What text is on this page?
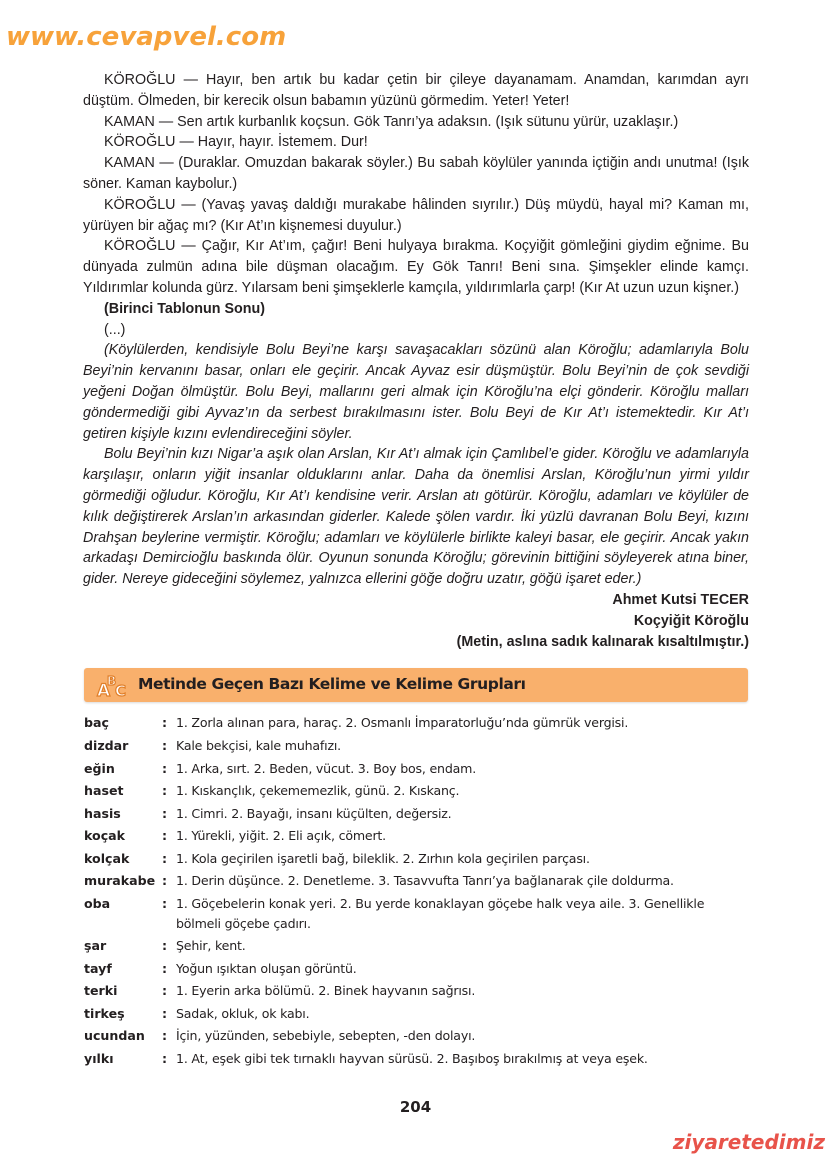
www.cevapvel.com

KÖROĞLU — Hayır, ben artık bu kadar çetin bir çileye dayanamam. Anamdan, karımdan ayrı düştüm. Ölmeden, bir kerecik olsun babamın yüzünü görmedim. Yeter! Yeter!

KAMAN — Sen artık kurbanlık koçsun. Gök Tanrı’ya adaksın. (Işık sütunu yürür, uzaklaşır.)

KÖROĞLU — Hayır, hayır. İstemem. Dur!

KAMAN — (Duraklar. Omuzdan bakarak söyler.) Bu sabah köylüler yanında içtiğin andı unutma! (Işık söner. Kaman kaybolur.)

KÖROĞLU — (Yavaş yavaş daldığı murakabe hâlinden sıyrılır.) Düş müydü, hayal mi? Kaman mı, yürüyen bir ağaç mı? (Kır At’ın kişnemesi duyulur.)

KÖROĞLU — Çağır, Kır At’ım, çağır! Beni hulyaya bırakma. Koçyiğit gömleğini giydim eğnime. Bu dünyada zulmün adına bile düşman olacağım. Ey Gök Tanrı! Beni sına. Şimşekler elinde kamçı. Yıldırımlar kolunda gürz. Yılarsam beni şimşeklerle kamçıla, yıldırımlarla çarp! (Kır At uzun uzun kişner.)

(Birinci Tablonun Sonu)

(...)

(Köylülerden, kendisiyle Bolu Beyi’ne karşı savaşacakları sözünü alan Köroğlu; adamlarıyla Bolu Beyi’nin kervanını basar, onları ele geçirir. Ancak Ayvaz esir düşmüştür. Bolu Beyi’nin de çok sevdiği yeğeni Doğan ölmüştür. Bolu Beyi, mallarını geri almak için Köroğlu’na elçi gönderir. Köroğlu malları göndermediği gibi Ayvaz’ın da serbest bırakılmasını ister. Bolu Beyi de Kır At’ı istemektedir. Kır At’ı getiren kişiyle kızını evlendireceğini söyler.

Bolu Beyi’nin kızı Nigar’a aşık olan Arslan, Kır At’ı almak için Çamlıbel’e gider. Köroğlu ve adamlarıyla karşılaşır, onların yiğit insanlar olduklarını anlar. Daha da önemlisi Arslan, Köroğlu’nun yirmi yıldır görmediği oğludur. Köroğlu, Kır At’ı kendisine verir. Arslan atı götürür. Köroğlu, adamları ve köylüler de kılık değiştirerek Arslan’ın arkasından giderler. Kalede şölen vardır. İki yüzlü davranan Bolu Beyi, kızını Drahşan beylerine vermiştir. Köroğlu; adamları ve köylülerle birlikte kaleyi basar, ele geçirir. Ancak yakın arkadaşı Demircioğlu baskında ölür. Oyunun sonunda Köroğlu; görevinin bittiğini söyleyerek atına biner, gider. Nereye gideceğini söylemez, yalnızca ellerini göğe doğru uzatır, göğü işaret eder.)

Ahmet Kutsi TECER
Koçyiğit Köroğlu
(Metin, aslına sadık kalınarak kısaltılmıştır.)
A
B
C Metinde Geçen Bazı Kelime ve Kelime Grupları
baç	: 1. Zorla alınan para, haraç. 2. Osmanlı İmparatorluğu’nda gümrük vergisi.
dizdar	: Kale bekçisi, kale muhafızı.
eğin	: 1. Arka, sırt. 2. Beden, vücut. 3. Boy bos, endam.
haset	: 1. Kıskançlık, çekememezlik, günü. 2. Kıskanç.
hasis	: 1. Cimri. 2. Bayağı, insanı küçülten, değersiz.
koçak	: 1. Yürekli, yiğit. 2. Eli açık, cömert.
kolçak	: 1. Kola geçirilen işaretli bağ, bileklik. 2. Zırhın kola geçirilen parçası.
murakabe : 1. Derin düşünce. 2. Denetleme. 3. Tasavvufta Tanrı’ya bağlanarak çile doldurma.
oba	: 1. Göçebelerin konak yeri. 2. Bu yerde konaklayan göçebe halk veya aile. 3. Genellikle bölmeli göçebe çadırı.
şar	: Şehir, kent.
tayf	: Yoğun ışıktan oluşan görüntü.
terki	: 1. Eyerin arka bölümü. 2. Binek hayvanın sağrısı.
tirkeş	: Sadak, okluk, ok kabı.
ucundan	: İçin, yüzünden, sebebiyle, sebepten, -den dolayı.
yılkı	: 1. At, eşek gibi tek tırnaklı hayvan sürüsü. 2. Başıboş bırakılmış at veya eşek.
204
ziyaretedimiz
